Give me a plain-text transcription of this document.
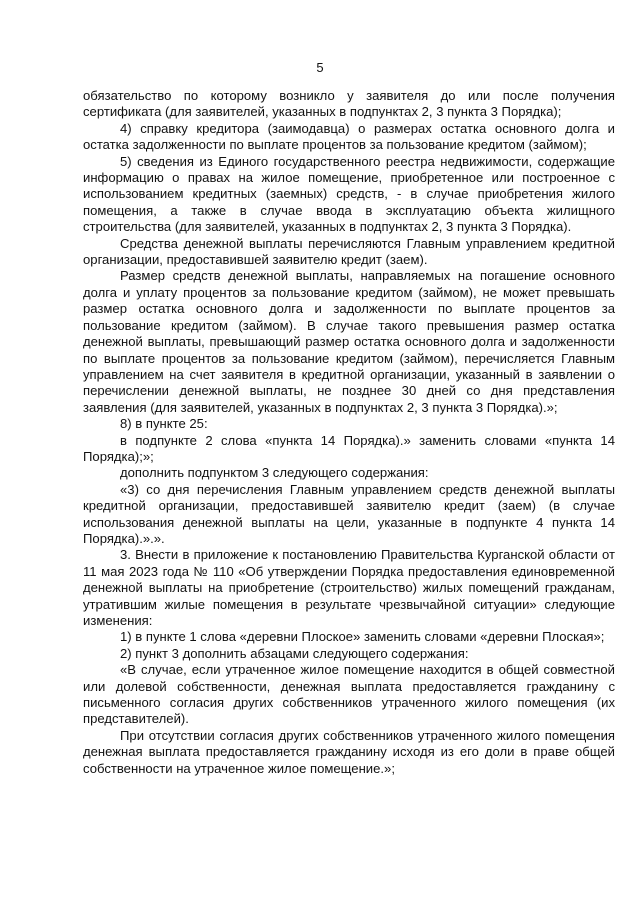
5

обязательство по которому возникло у заявителя до или после получения сертификата (для заявителей, указанных в подпунктах 2, 3 пункта 3 Порядка);

4) справку кредитора (заимодавца) о размерах остатка основного долга и остатка задолженности по выплате процентов за пользование кредитом (займом);

5) сведения из Единого государственного реестра недвижимости, содержащие информацию о правах на жилое помещение, приобретенное или построенное с использованием кредитных (заемных) средств, - в случае приобретения жилого помещения, а также в случае ввода в эксплуатацию объекта жилищного строительства (для заявителей, указанных в подпунктах 2, 3 пункта 3 Порядка).

Средства денежной выплаты перечисляются Главным управлением кредитной организации, предоставившей заявителю кредит (заем).

Размер средств денежной выплаты, направляемых на погашение основного долга и уплату процентов за пользование кредитом (займом), не может превышать размер остатка основного долга и задолженности по выплате процентов за пользование кредитом (займом). В случае такого превышения размер остатка денежной выплаты, превышающий размер остатка основного долга и задолженности по выплате процентов за пользование кредитом (займом), перечисляется Главным управлением на счет заявителя в кредитной организации, указанный в заявлении о перечислении денежной выплаты, не позднее 30 дней со дня представления заявления (для заявителей, указанных в подпунктах 2, 3 пункта 3 Порядка).»;

8) в пункте 25:

в подпункте 2 слова «пункта 14 Порядка).» заменить словами «пункта 14 Порядка);»;

дополнить подпунктом 3 следующего содержания:

«3) со дня перечисления Главным управлением средств денежной выплаты кредитной организации, предоставившей заявителю кредит (заем) (в случае использования денежной выплаты на цели, указанные в подпункте 4 пункта 14 Порядка).».».

3. Внести в приложение к постановлению Правительства Курганской области от 11 мая 2023 года № 110 «Об утверждении Порядка предоставления единовременной денежной выплаты на приобретение (строительство) жилых помещений гражданам, утратившим жилые помещения в результате чрезвычайной ситуации» следующие изменения:

1) в пункте 1 слова «деревни Плоское» заменить словами «деревни Плоская»;

2) пункт 3 дополнить абзацами следующего содержания:

«В случае, если утраченное жилое помещение находится в общей совместной или долевой собственности, денежная выплата предоставляется гражданину с письменного согласия других собственников утраченного жилого помещения (их представителей).

При отсутствии согласия других собственников утраченного жилого помещения денежная выплата предоставляется гражданину исходя из его доли в праве общей собственности на утраченное жилое помещение.»;
